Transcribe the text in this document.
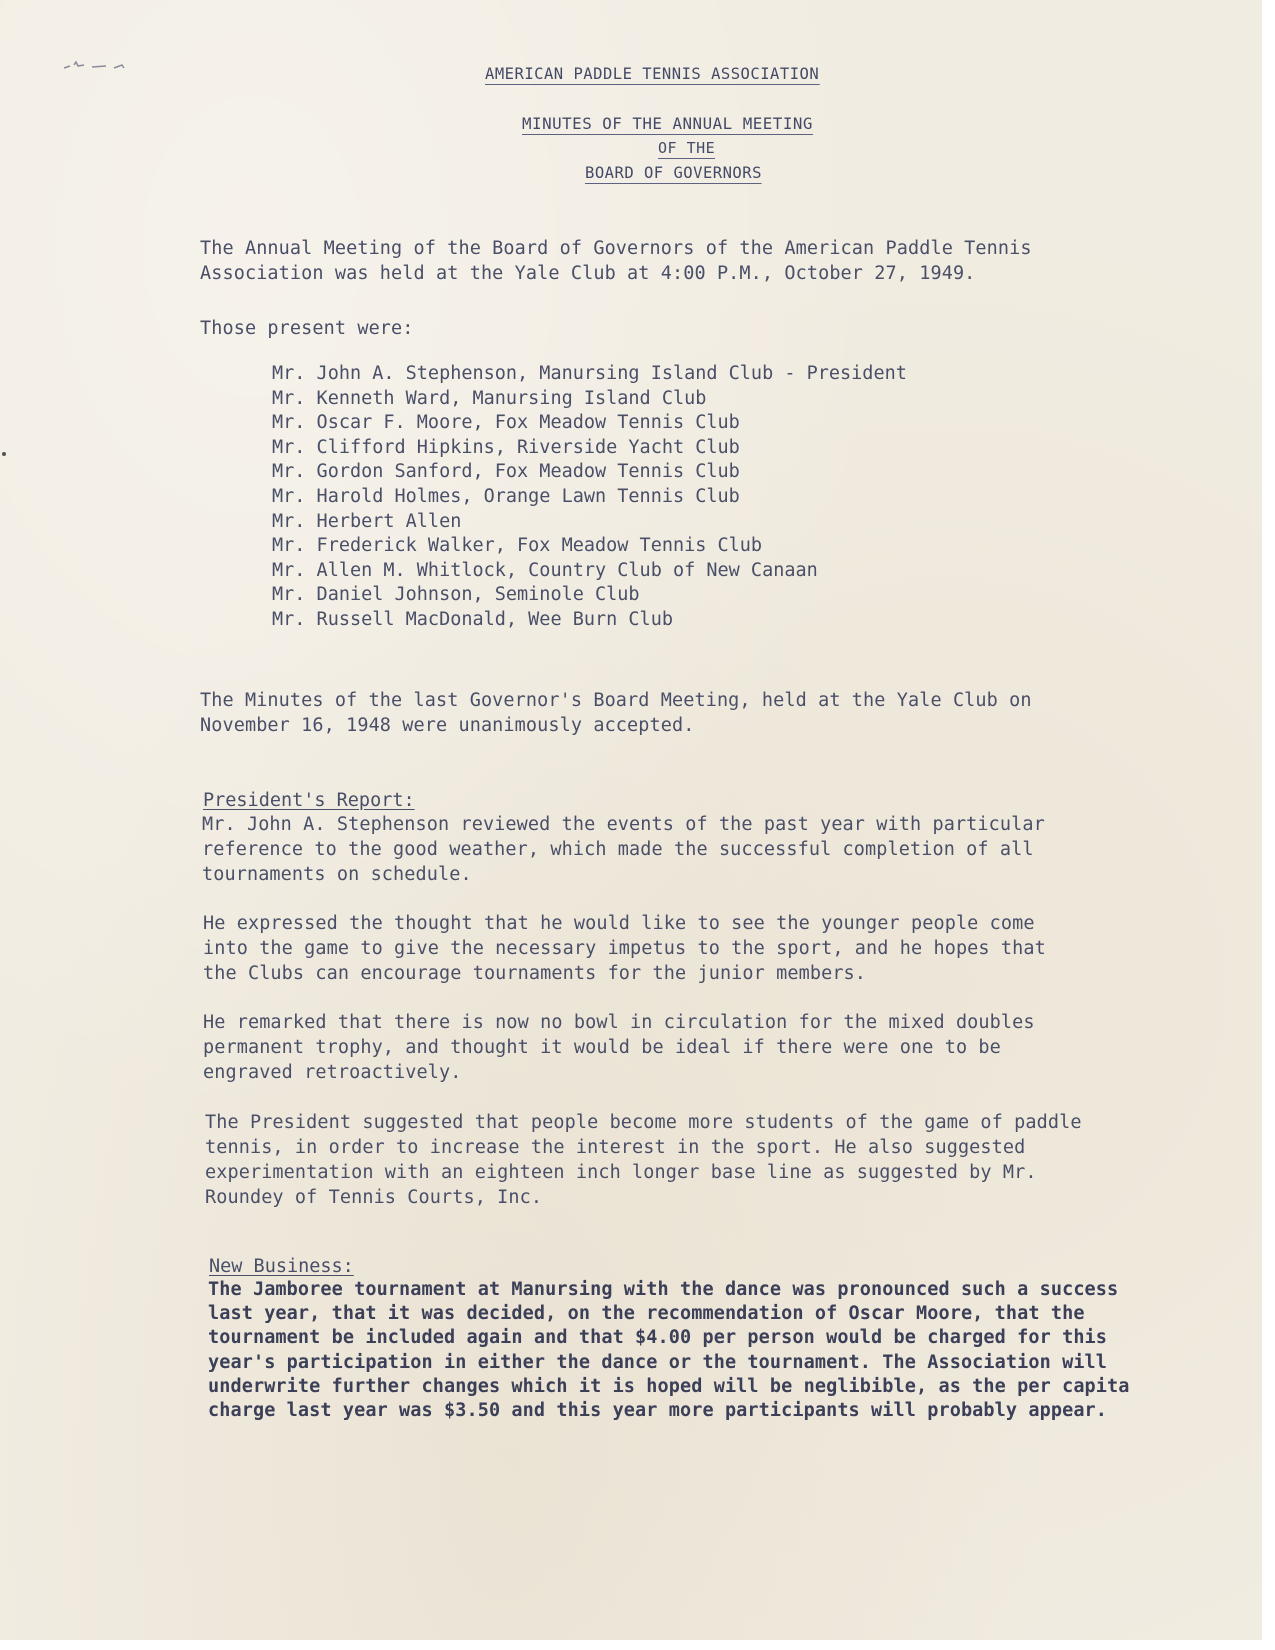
AMERICAN PADDLE TENNIS ASSOCIATION
MINUTES OF THE ANNUAL MEETING
OF THE
BOARD OF GOVERNORS
The Annual Meeting of the Board of Governors of the American Paddle Tennis
Association was held at the Yale Club at 4:00 P.M., October 27, 1949.
Those present were:
Mr. John A. Stephenson, Manursing Island Club - President
Mr. Kenneth Ward, Manursing Island Club
Mr. Oscar F. Moore, Fox Meadow Tennis Club
Mr. Clifford Hipkins, Riverside Yacht Club
Mr. Gordon Sanford, Fox Meadow Tennis Club
Mr. Harold Holmes, Orange Lawn Tennis Club
Mr. Herbert Allen
Mr. Frederick Walker, Fox Meadow Tennis Club
Mr. Allen M. Whitlock, Country Club of New Canaan
Mr. Daniel Johnson, Seminole Club
Mr. Russell MacDonald, Wee Burn Club
The Minutes of the last Governor's Board Meeting, held at the Yale Club on
November 16, 1948 were unanimously accepted.
President's Report:
Mr. John A. Stephenson reviewed the events of the past year with particular
reference to the good weather, which made the successful completion of all
tournaments on schedule.
He expressed the thought that he would like to see the younger people come
into the game to give the necessary impetus to the sport, and he hopes that
the Clubs can encourage tournaments for the junior members.
He remarked that there is now no bowl in circulation for the mixed doubles
permanent trophy, and thought it would be ideal if there were one to be
engraved retroactively.
The President suggested that people become more students of the game of paddle
tennis, in order to increase the interest in the sport. He also suggested
experimentation with an eighteen inch longer base line as suggested by Mr.
Roundey of Tennis Courts, Inc.
New Business:
The Jamboree tournament at Manursing with the dance was pronounced such a success
last year, that it was decided, on the recommendation of Oscar Moore, that the
tournament be included again and that $4.00 per person would be charged for this
year's participation in either the dance or the tournament. The Association will
underwrite further changes which it is hoped will be neglibible, as the per capita
charge last year was $3.50 and this year more participants will probably appear.
